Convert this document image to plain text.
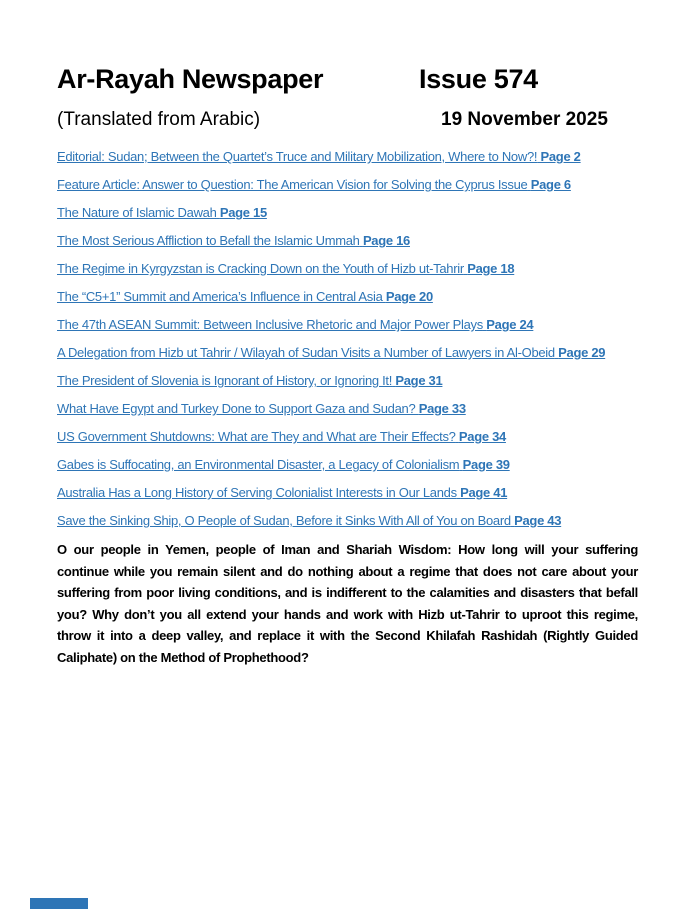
Ar-Rayah Newspaper	Issue 574
(Translated from Arabic)	19 November 2025
Editorial: Sudan; Between the Quartet’s Truce and Military Mobilization, Where to Now?! Page 2
Feature Article: Answer to Question: The American Vision for Solving the Cyprus Issue Page 6
The Nature of Islamic Dawah Page 15
The Most Serious Affliction to Befall the Islamic Ummah Page 16
The Regime in Kyrgyzstan is Cracking Down on the Youth of Hizb ut-Tahrir Page 18
The “C5+1” Summit and America’s Influence in Central Asia Page 20
The 47th ASEAN Summit: Between Inclusive Rhetoric and Major Power Plays Page 24
A Delegation from Hizb ut Tahrir / Wilayah of Sudan Visits a Number of Lawyers in Al-Obeid Page 29
The President of Slovenia is Ignorant of History, or Ignoring It! Page 31
What Have Egypt and Turkey Done to Support Gaza and Sudan? Page 33
US Government Shutdowns: What are They and What are Their Effects? Page 34
Gabes is Suffocating, an Environmental Disaster, a Legacy of Colonialism Page 39
Australia Has a Long History of Serving Colonialist Interests in Our Lands Page 41
Save the Sinking Ship, O People of Sudan, Before it Sinks With All of You on Board Page 43

O our people in Yemen, people of Iman and Shariah Wisdom: How long will your suffering continue while you remain silent and do nothing about a regime that does not care about your suffering from poor living conditions, and is indifferent to the calamities and disasters that befall you? Why don’t you all extend your hands and work with Hizb ut-Tahrir to uproot this regime, throw it into a deep valley, and replace it with the Second Khilafah Rashidah (Rightly Guided Caliphate) on the Method of Prophethood?
